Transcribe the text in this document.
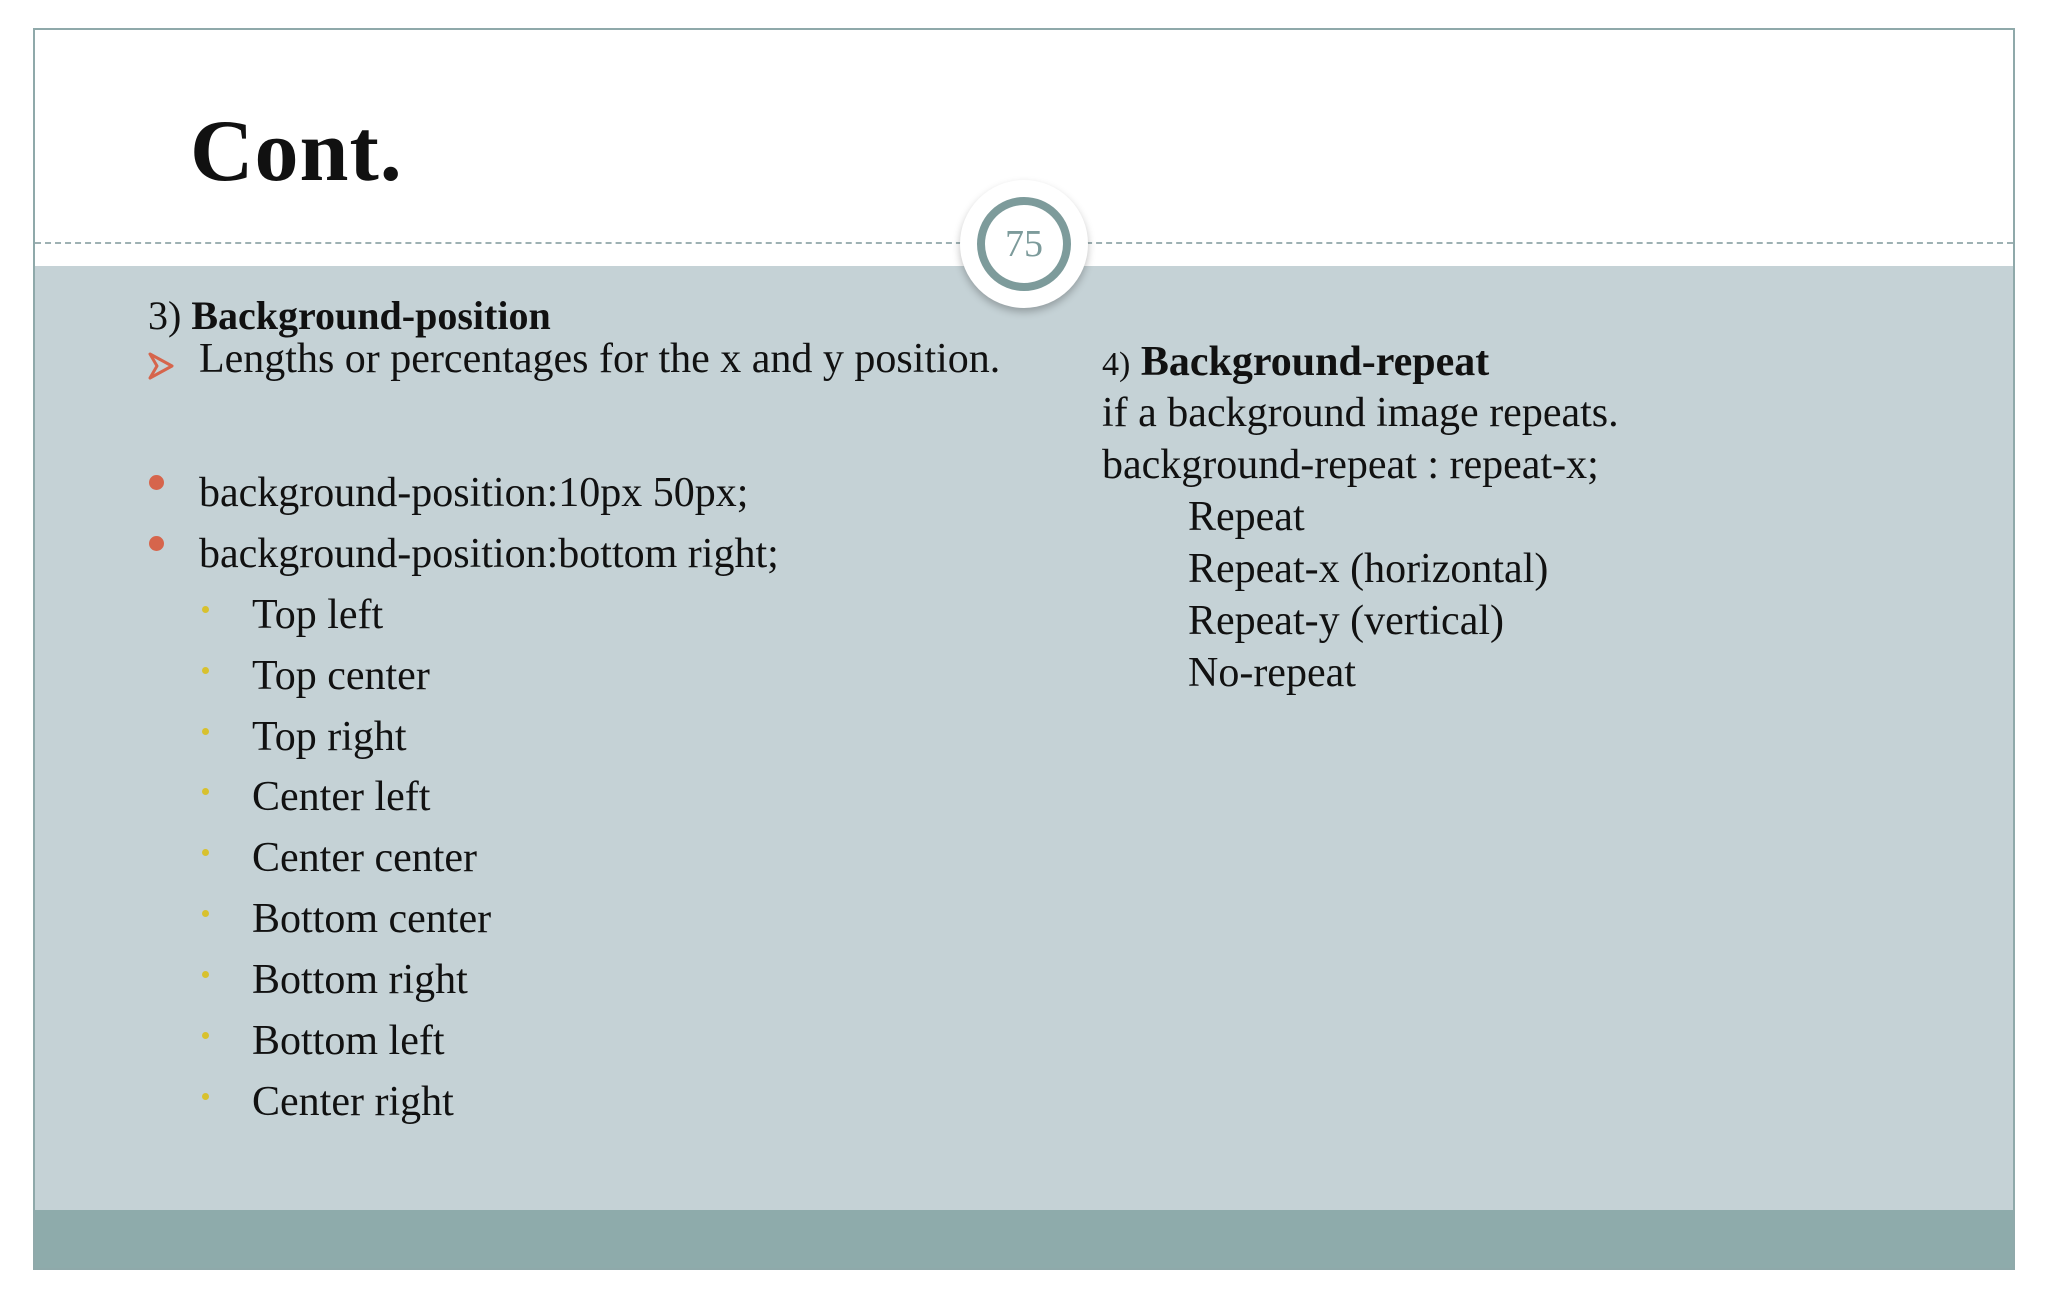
Cont.
75
3) Background-position
Lengths or percentages for the x and y position.
background-position:10px 50px;
background-position:bottom right;
Top left
Top center
Top right
Center left
Center center
Bottom center
Bottom right
Bottom left
Center right
4) Background-repeat
if a background image repeats.
background-repeat : repeat-x;
Repeat
Repeat-x (horizontal)
Repeat-y (vertical)
No-repeat
